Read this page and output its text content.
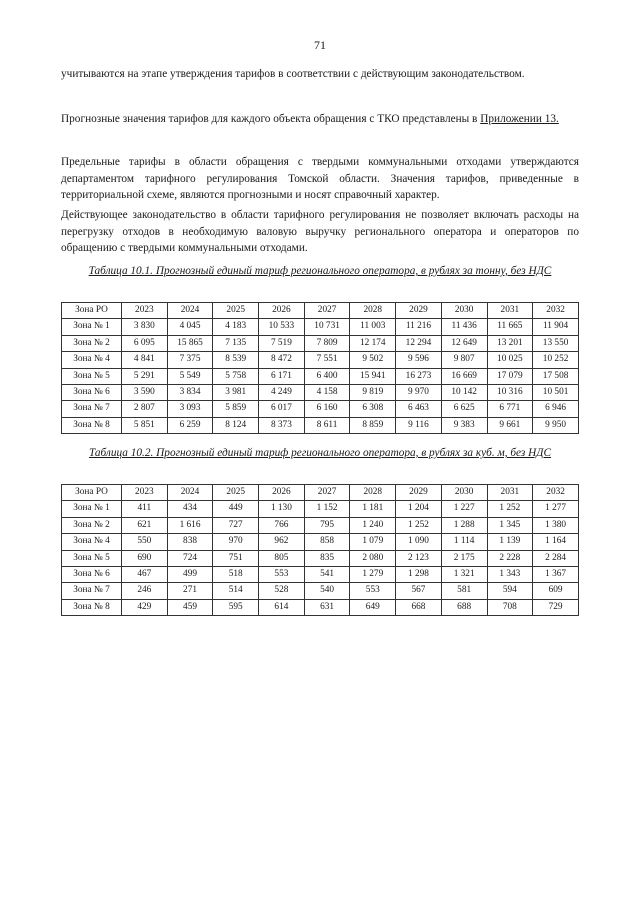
71

учитываются на этапе утверждения тарифов в соответствии с действующим законодательством.

Прогнозные значения тарифов для каждого объекта обращения с ТКО представлены в Приложении 13.

Предельные тарифы в области обращения с твердыми коммунальными отходами утверждаются департаментом тарифного регулирования Томской области. Значения тарифов, приведенные в территориальной схеме, являются прогнозными и носят справочный характер.

Действующее законодательство в области тарифного регулирования не позволяет включать расходы на перегрузку отходов в необходимую валовую выручку регионального оператора и операторов по обращению с твердыми коммунальными отходами.

Таблица 10.1. Прогнозный единый тариф регионального оператора, в рублях за тонну, без НДС

Зона РО	2023	2024	2025	2026	2027	2028	2029	2030	2031	2032
Зона № 1	3 830	4 045	4 183	10 533	10 731	11 003	11 216	11 436	11 665	11 904
Зона № 2	6 095	15 865	7 135	7 519	7 809	12 174	12 294	12 649	13 201	13 550
Зона № 4	4 841	7 375	8 539	8 472	7 551	9 502	9 596	9 807	10 025	10 252
Зона № 5	5 291	5 549	5 758	6 171	6 400	15 941	16 273	16 669	17 079	17 508
Зона № 6	3 590	3 834	3 981	4 249	4 158	9 819	9 970	10 142	10 316	10 501
Зона № 7	2 807	3 093	5 859	6 017	6 160	6 308	6 463	6 625	6 771	6 946
Зона № 8	5 851	6 259	8 124	8 373	8 611	8 859	9 116	9 383	9 661	9 950

Таблица 10.2. Прогнозный единый тариф регионального оператора, в рублях за куб. м, без НДС

Зона РО	2023	2024	2025	2026	2027	2028	2029	2030	2031	2032
Зона № 1	411	434	449	1 130	1 152	1 181	1 204	1 227	1 252	1 277
Зона № 2	621	1 616	727	766	795	1 240	1 252	1 288	1 345	1 380
Зона № 4	550	838	970	962	858	1 079	1 090	1 114	1 139	1 164
Зона № 5	690	724	751	805	835	2 080	2 123	2 175	2 228	2 284
Зона № 6	467	499	518	553	541	1 279	1 298	1 321	1 343	1 367
Зона № 7	246	271	514	528	540	553	567	581	594	609
Зона № 8	429	459	595	614	631	649	668	688	708	729
